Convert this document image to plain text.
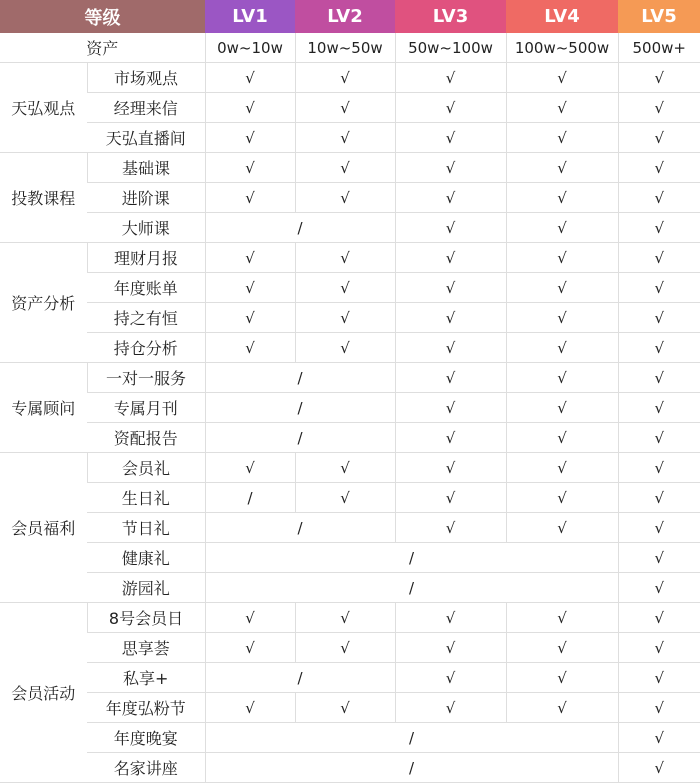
等级		LV1	LV2	LV3	LV4	LV5
资产		0w~10w	10w~50w	50w~100w	100w~500w	500w+
天弘观点	市场观点	√	√	√	√	√
	经理来信	√	√	√	√	√
	天弘直播间	√	√	√	√	√
投教课程	基础课	√	√	√	√	√
	进阶课	√	√	√	√	√
	大师课	/		√	√	√
资产分析	理财月报	√	√	√	√	√
	年度账单	√	√	√	√	√
	持之有恒	√	√	√	√	√
	持仓分析	√	√	√	√	√
专属顾问	一对一服务	/		√	√	√
	专属月刊	/		√	√	√
	资配报告	/		√	√	√
会员福利	会员礼	√	√	√	√	√
	生日礼	/	√	√	√	√
	节日礼	/		√	√	√
	健康礼	/				√
	游园礼	/				√
会员活动	8号会员日	√	√	√	√	√
	思享荟	√	√	√	√	√
	私享+	/		√	√	√
	年度弘粉节	√	√	√	√	√
	年度晚宴	/				√
	名家讲座	/				√
